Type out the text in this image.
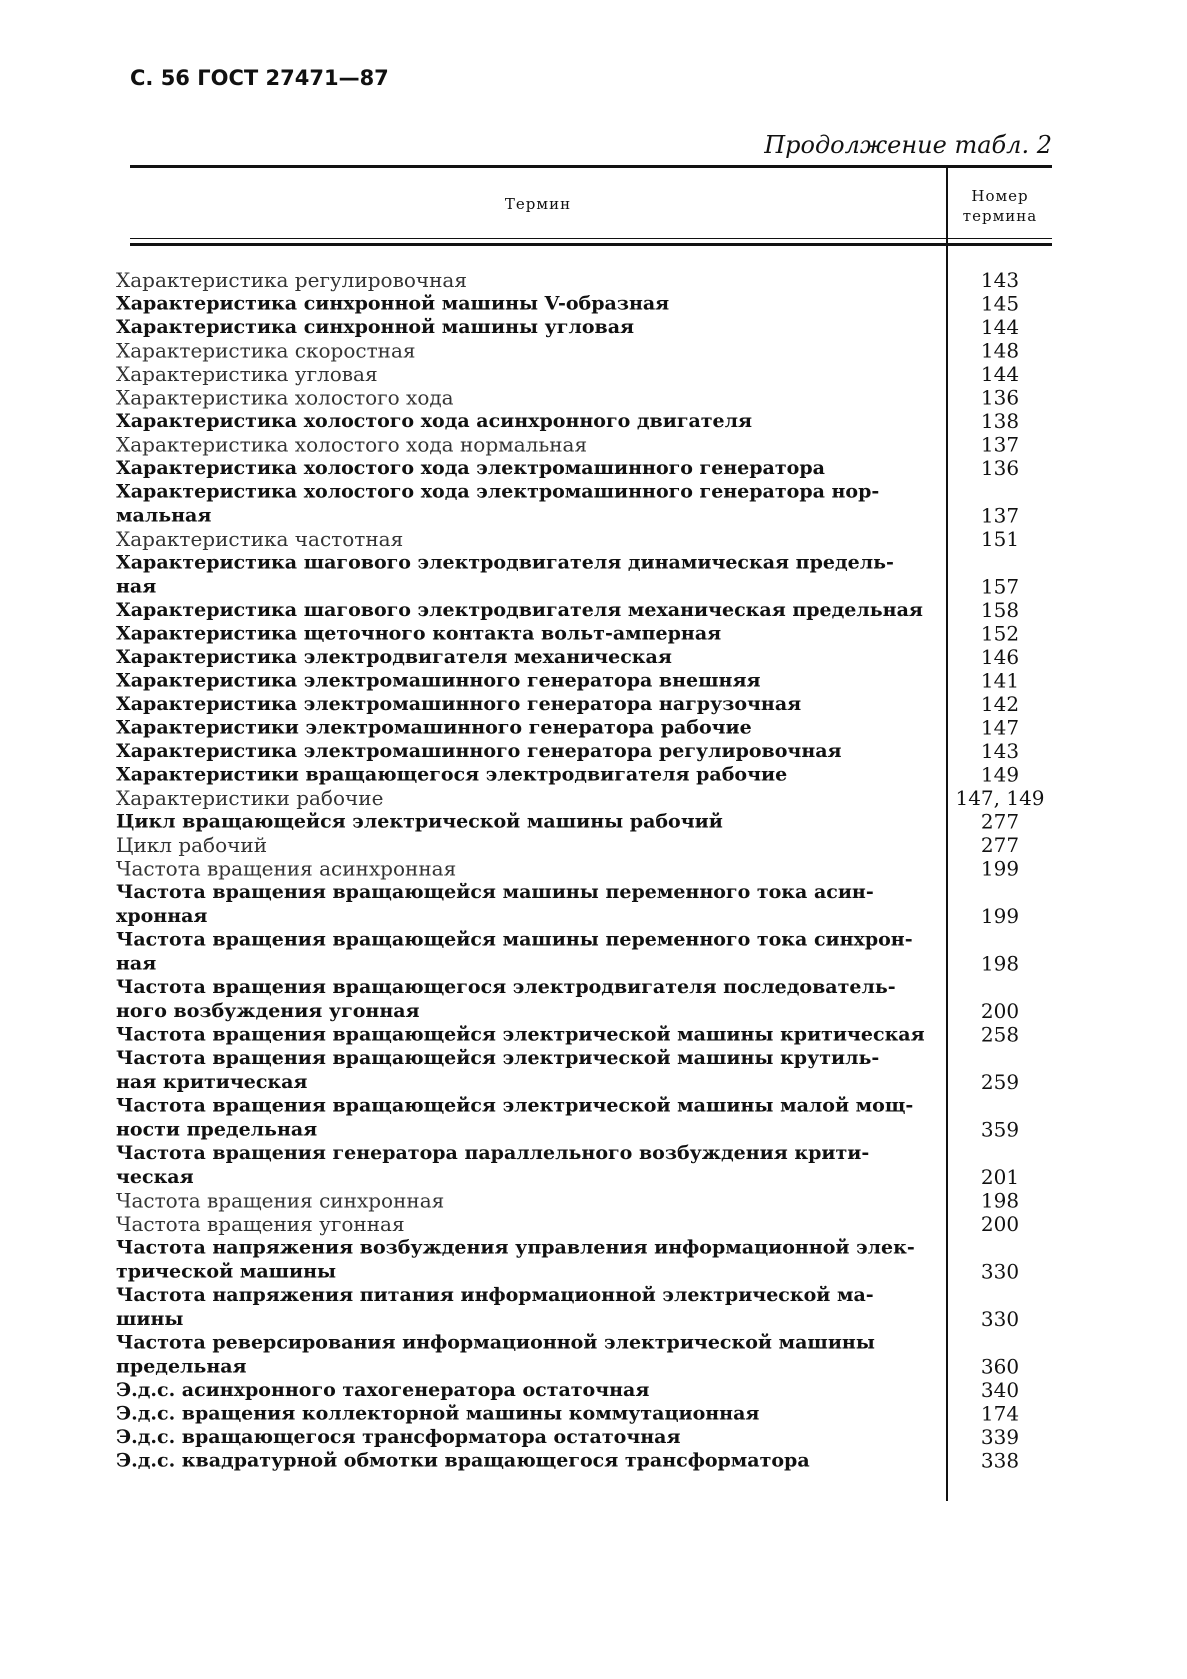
С. 56 ГОСТ 27471—87
Продолжение табл. 2
Термин	Номер термина
Характеристика регулировочная	143
Характеристика синхронной машины V-образная	145
Характеристика синхронной машины угловая	144
Характеристика скоростная	148
Характеристика угловая	144
Характеристика холостого хода	136
Характеристика холостого хода асинхронного двигателя	138
Характеристика холостого хода нормальная	137
Характеристика холостого хода электромашинного генератора	136
Характеристика холостого хода электромашинного генератора нор-
мальная	137
Характеристика частотная	151
Характеристика шагового электродвигателя динамическая предель-
ная	157
Характеристика шагового электродвигателя механическая предельная	158
Характеристика щеточного контакта вольт-амперная	152
Характеристика электродвигателя механическая	146
Характеристика электромашинного генератора внешняя	141
Характеристика электромашинного генератора нагрузочная	142
Характеристики электромашинного генератора рабочие	147
Характеристика электромашинного генератора регулировочная	143
Характеристики вращающегося электродвигателя рабочие	149
Характеристики рабочие	147, 149
Цикл вращающейся электрической машины рабочий	277
Цикл рабочий	277
Частота вращения асинхронная	199
Частота вращения вращающейся машины переменного тока асин-
хронная	199
Частота вращения вращающейся машины переменного тока синхрон-
ная	198
Частота вращения вращающегося электродвигателя последователь-
ного возбуждения угонная	200
Частота вращения вращающейся электрической машины критическая	258
Частота вращения вращающейся электрической машины крутиль-
ная критическая	259
Частота вращения вращающейся электрической машины малой мощ-
ности предельная	359
Частота вращения генератора параллельного возбуждения крити-
ческая	201
Частота вращения синхронная	198
Частота вращения угонная	200
Частота напряжения возбуждения управления информационной элек-
трической машины	330
Частота напряжения питания информационной электрической ма-
шины	330
Частота реверсирования информационной электрической машины
предельная	360
Э.д.с. асинхронного тахогенератора остаточная	340
Э.д.с. вращения коллекторной машины коммутационная	174
Э.д.с. вращающегося трансформатора остаточная	339
Э.д.с. квадратурной обмотки вращающегося трансформатора	338
